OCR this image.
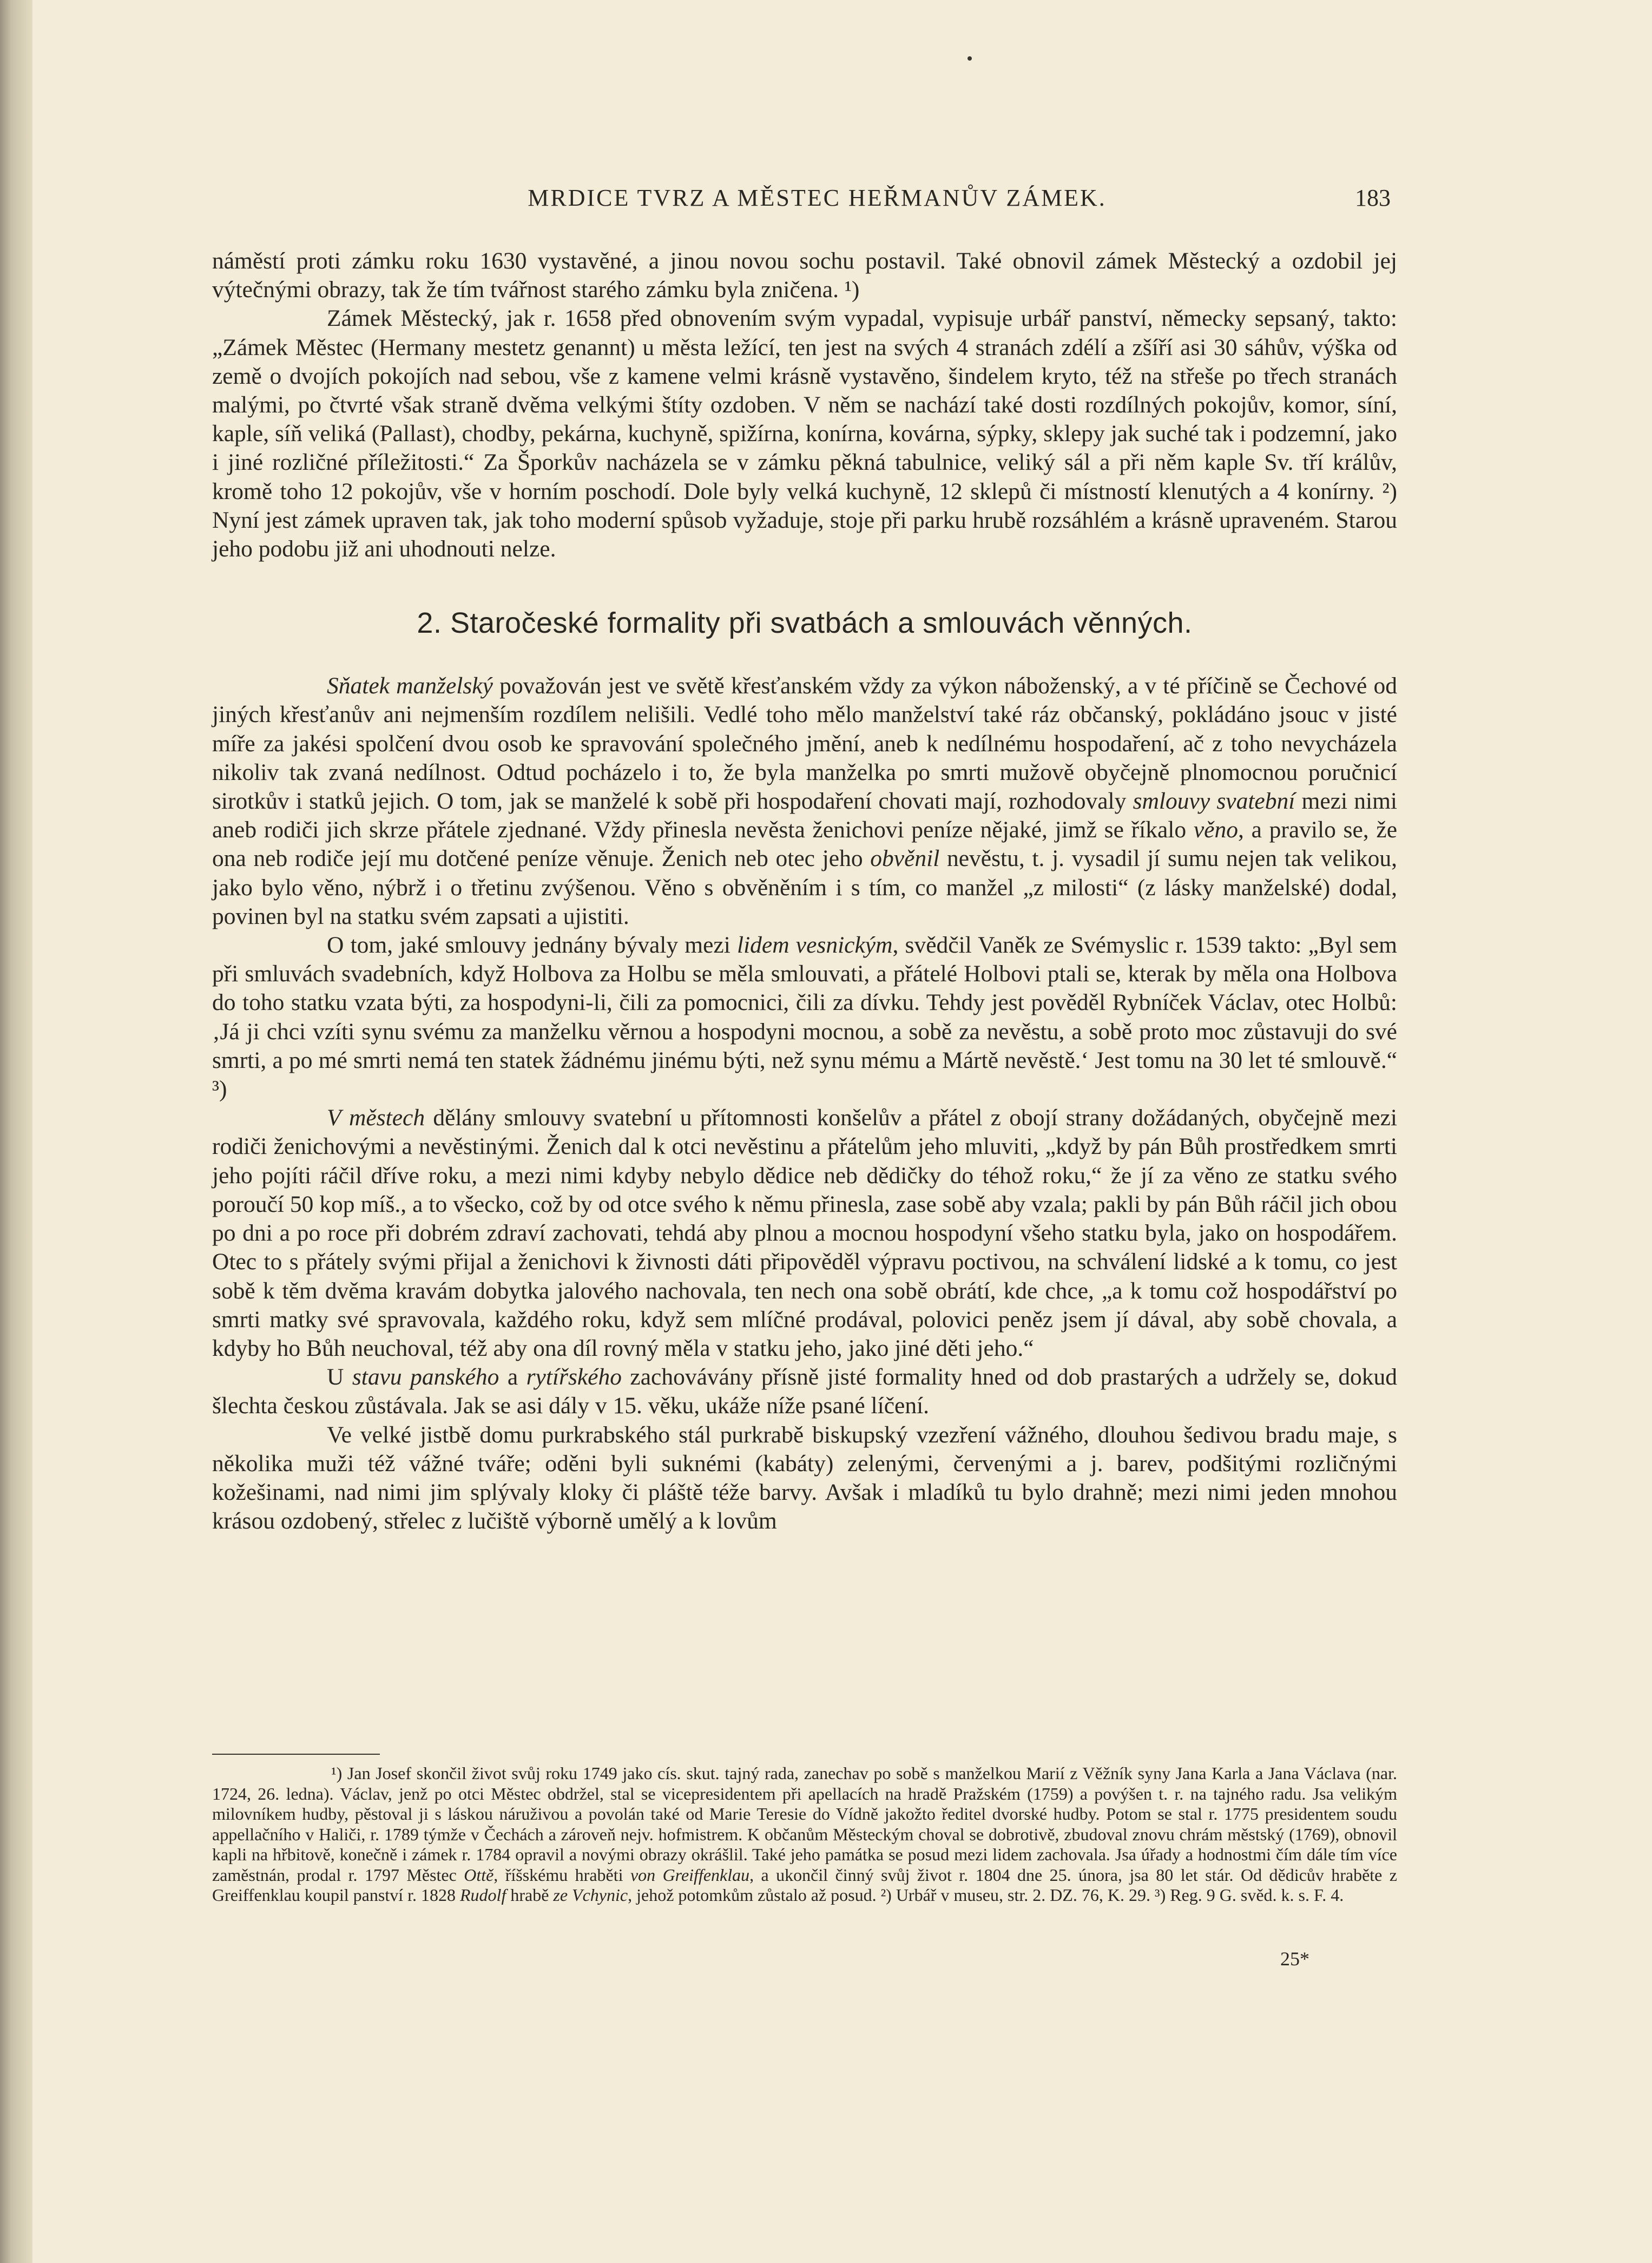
MRDICE TVRZ A MĚSTEC HEŘMANŮV ZÁMEK.	183

náměstí proti zámku roku 1630 vystavěné, a jinou novou sochu postavil. Také obnovil zámek Městecký a ozdobil jej výtečnými obrazy, tak že tím tvářnost starého zámku byla zničena. ¹)

Zámek Městecký, jak r. 1658 před obnovením svým vypadal, vypisuje urbář panství, německy sepsaný, takto: „Zámek Městec (Hermany mestetz genannt) u města ležící, ten jest na svých 4 stranách zdélí a zšíří asi 30 sáhův, výška od země o dvojích pokojích nad sebou, vše z kamene velmi krásně vystavěno, šindelem kryto, též na střeše po třech stranách malými, po čtvrté však straně dvěma velkými štíty ozdoben. V něm se nachází také dosti rozdílných pokojův, komor, síní, kaple, síň veliká (Pallast), chodby, pekárna, kuchyně, spižírna, konírna, kovárna, sýpky, sklepy jak suché tak i podzemní, jako i jiné rozličné příležitosti.“ Za Šporkův nacházela se v zámku pěkná tabulnice, veliký sál a při něm kaple Sv. tří králův, kromě toho 12 pokojův, vše v horním poschodí. Dole byly velká kuchyně, 12 sklepů či místností klenutých a 4 konírny. ²) Nyní jest zámek upraven tak, jak toho moderní spůsob vyžaduje, stoje při parku hrubě rozsáhlém a krásně upraveném. Starou jeho podobu již ani uhodnouti nelze.

2. Staročeské formality při svatbách a smlouvách věnných.

Sňatek manželský považován jest ve světě křesťanském vždy za výkon náboženský, a v té příčině se Čechové od jiných křesťanův ani nejmenším rozdílem nelišili. Vedlé toho mělo manželství také ráz občanský, pokládáno jsouc v jisté míře za jakési spolčení dvou osob ke spravování společného jmění, aneb k nedílnému hospodaření, ač z toho nevycházela nikoliv tak zvaná nedílnost. Odtud pocházelo i to, že byla manželka po smrti mužově obyčejně plnomocnou poručnicí sirotkův i statků jejich. O tom, jak se manželé k sobě při hospodaření chovati mají, rozhodovaly smlouvy svatební mezi nimi aneb rodiči jich skrze přátele zjednané. Vždy přinesla nevěsta ženichovi peníze nějaké, jimž se říkalo věno, a pravilo se, že ona neb rodiče její mu dotčené peníze věnuje. Ženich neb otec jeho obvěnil nevěstu, t. j. vysadil jí sumu nejen tak velikou, jako bylo věno, nýbrž i o třetinu zvýšenou. Věno s obvěněním i s tím, co manžel „z milosti“ (z lásky manželské) dodal, povinen byl na statku svém zapsati a ujistiti.

O tom, jaké smlouvy jednány bývaly mezi lidem vesnickým, svědčil Vaněk ze Svémyslic r. 1539 takto: „Byl sem při smluvách svadebních, když Holbova za Holbu se měla smlouvati, a přátelé Holbovi ptali se, kterak by měla ona Holbova do toho statku vzata býti, za hospodyni-li, čili za pomocnici, čili za dívku. Tehdy jest pověděl Rybníček Václav, otec Holbů: ‚Já ji chci vzíti synu svému za manželku věrnou a hospodyni mocnou, a sobě za nevěstu, a sobě proto moc zůstavuji do své smrti, a po mé smrti nemá ten statek žádnému jinému býti, než synu mému a Mártě nevěstě.‘ Jest tomu na 30 let té smlouvě.“ ³)

V městech dělány smlouvy svatební u přítomnosti konšelův a přátel z obojí strany dožádaných, obyčejně mezi rodiči ženichovými a nevěstinými. Ženich dal k otci nevěstinu a přátelům jeho mluviti, „když by pán Bůh prostředkem smrti jeho pojíti ráčil dříve roku, a mezi nimi kdyby nebylo dědice neb dědičky do téhož roku,“ že jí za věno ze statku svého poroučí 50 kop míš., a to všecko, což by od otce svého k němu přinesla, zase sobě aby vzala; pakli by pán Bůh ráčil jich obou po dni a po roce při dobrém zdraví zachovati, tehdá aby plnou a mocnou hospodyní všeho statku byla, jako on hospodářem. Otec to s přátely svými přijal a ženichovi k živnosti dáti připověděl výpravu poctivou, na schválení lidské a k tomu, co jest sobě k těm dvěma kravám dobytka jalového nachovala, ten nech ona sobě obrátí, kde chce, „a k tomu což hospodářství po smrti matky své spravovala, každého roku, když sem mlíčné prodával, polovici peněz jsem jí dával, aby sobě chovala, a kdyby ho Bůh neuchoval, též aby ona díl rovný měla v statku jeho, jako jiné děti jeho.“

U stavu panského a rytířského zachovávány přísně jisté formality hned od dob prastarých a udržely se, dokud šlechta českou zůstávala. Jak se asi dály v 15. věku, ukáže níže psané líčení.

Ve velké jistbě domu purkrabského stál purkrabě biskupský vzezření vážného, dlouhou šedivou bradu maje, s několika muži též vážné tváře; oděni byli suknémi (kabáty) zelenými, červenými a j. barev, podšitými rozličnými kožešinami, nad nimi jim splývaly kloky či pláště téže barvy. Avšak i mladíků tu bylo drahně; mezi nimi jeden mnohou krásou ozdobený, střelec z lučiště výborně umělý a k lovům

¹) Jan Josef skončil život svůj roku 1749 jako cís. skut. tajný rada, zanechav po sobě s manželkou Marií z Věžník syny Jana Karla a Jana Václava (nar. 1724, 26. ledna). Václav, jenž po otci Městec obdržel, stal se vicepresidentem při apellacích na hradě Pražském (1759) a povýšen t. r. na tajného radu. Jsa velikým milovníkem hudby, pěstoval ji s láskou náruživou a povolán také od Marie Teresie do Vídně jakožto ředitel dvorské hudby. Potom se stal r. 1775 presidentem soudu appellačního v Haliči, r. 1789 týmže v Čechách a zároveň nejv. hofmistrem. K občanům Městeckým choval se dobrotivě, zbudoval znovu chrám městský (1769), obnovil kapli na hřbitově, konečně i zámek r. 1784 opravil a novými obrazy okrášlil. Také jeho památka se posud mezi lidem zachovala. Jsa úřady a hodnostmi čím dále tím více zaměstnán, prodal r. 1797 Městec Ottě, říšskému hraběti von Greiffenklau, a ukončil činný svůj život r. 1804 dne 25. února, jsa 80 let stár. Od dědicův hraběte z Greiffenklau koupil panství r. 1828 Rudolf hrabě ze Vchynic, jehož potomkům zůstalo až posud. ²) Urbář v museu, str. 2. DZ. 76, K. 29. ³) Reg. 9 G. svěd. k. s. F. 4.
25*
